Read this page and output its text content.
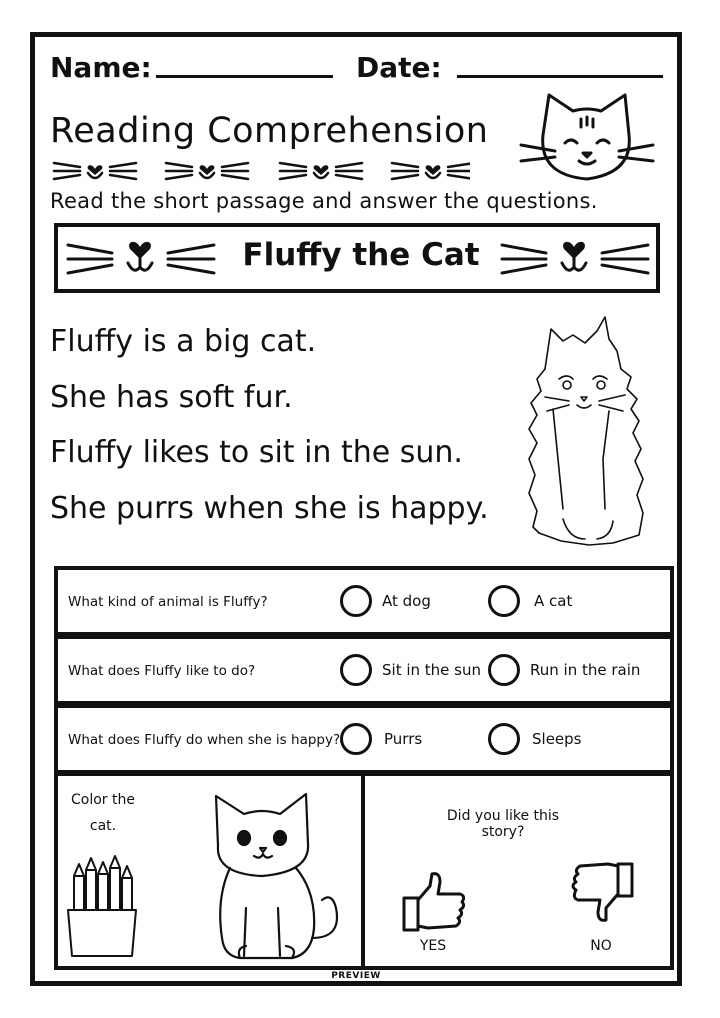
Name:	Date:
Reading Comprehension
Read the short passage and answer the questions.
Fluffy the Cat
Fluffy is a big cat.
She has soft fur.
Fluffy likes to sit in the sun.
She purrs when she is happy.
What kind of animal is Fluffy?	At dog	A cat
What does Fluffy like to do?	Sit in the sun	Run in the rain
What does Fluffy do when she is happy?	Purrs	Sleeps
Color the
cat.
Did you like this story?
YES	NO
PREVIEW
